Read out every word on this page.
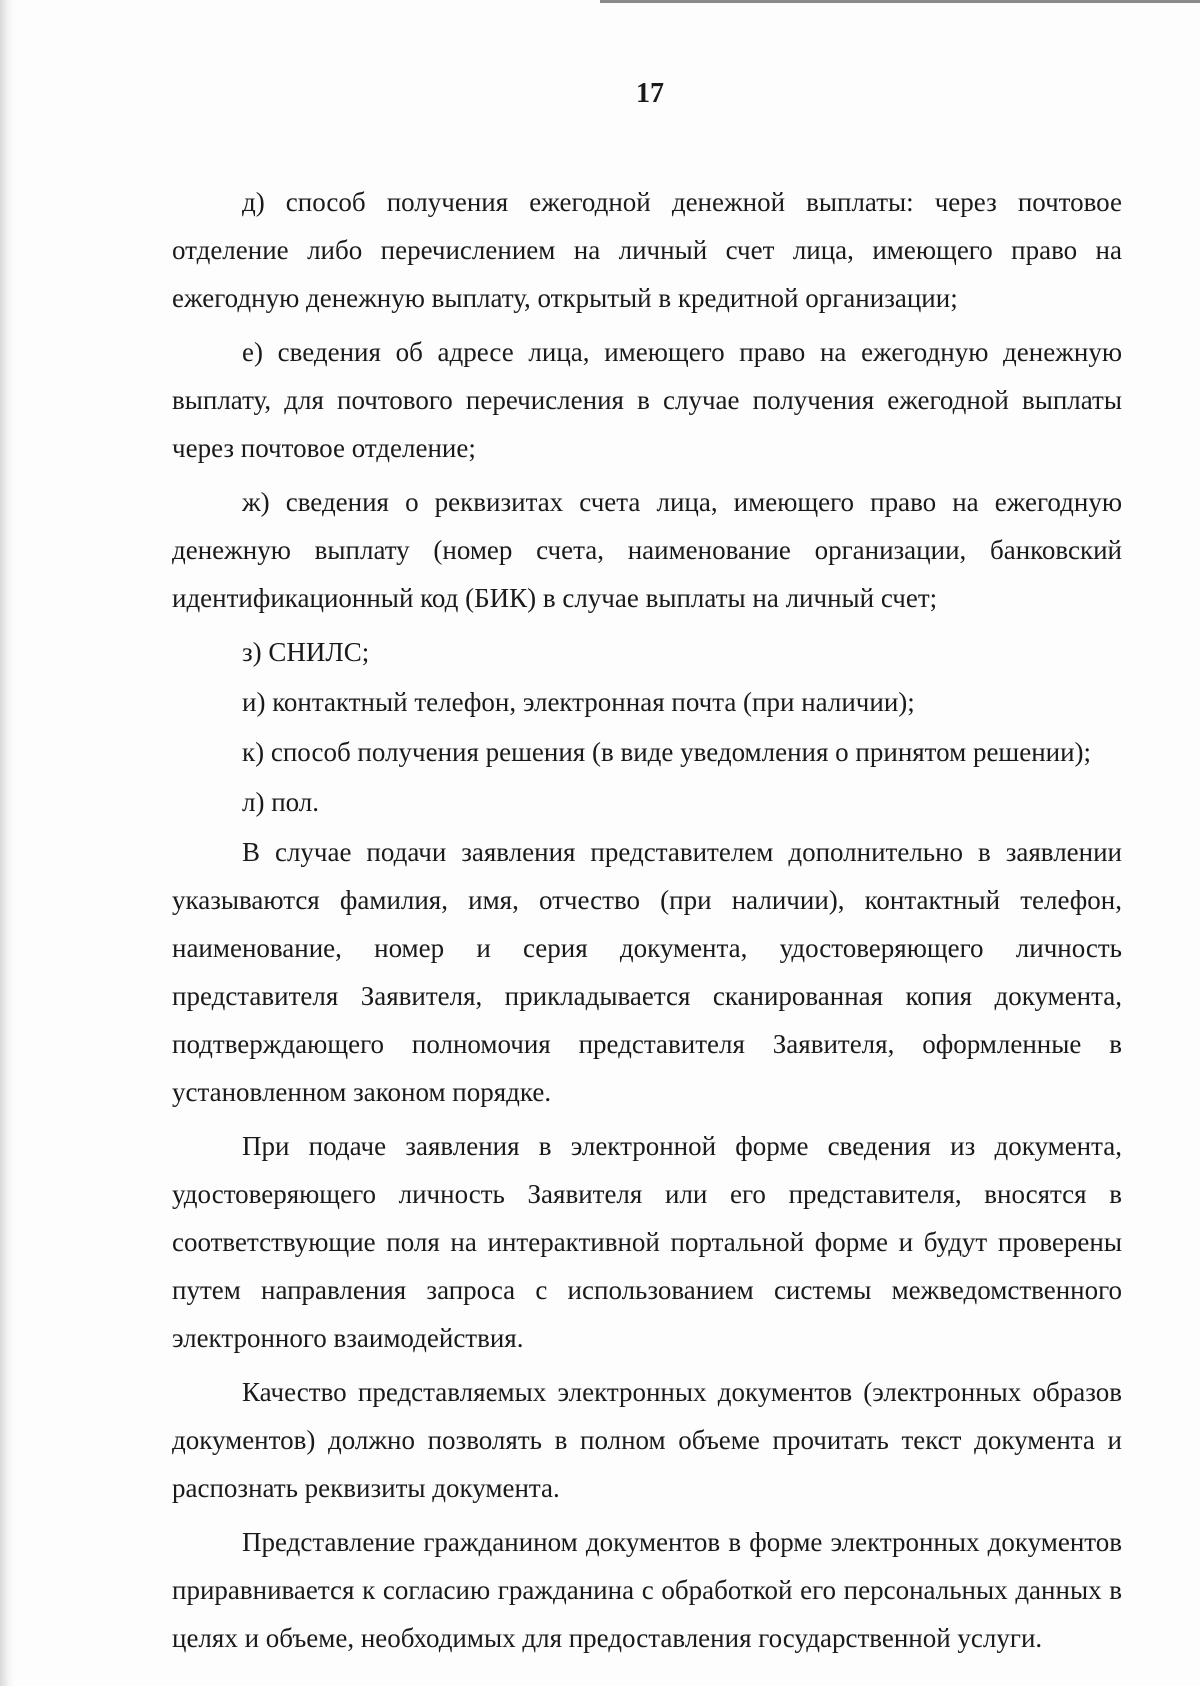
17

д) способ получения ежегодной денежной выплаты: через почтовое отделение либо перечислением на личный счет лица, имеющего право на ежегодную денежную выплату, открытый в кредитной организации;

е) сведения об адресе лица, имеющего право на ежегодную денежную выплату, для почтового перечисления в случае получения ежегодной выплаты через почтовое отделение;

ж) сведения о реквизитах счета лица, имеющего право на ежегодную денежную выплату (номер счета, наименование организации, банковский идентификационный код (БИК) в случае выплаты на личный счет;

з) СНИЛС;

и) контактный телефон, электронная почта (при наличии);

к) способ получения решения (в виде уведомления о принятом решении);

л) пол.

В случае подачи заявления представителем дополнительно в заявлении указываются фамилия, имя, отчество (при наличии), контактный телефон, наименование, номер и серия документа, удостоверяющего личность представителя Заявителя, прикладывается сканированная копия документа, подтверждающего полномочия представителя Заявителя, оформленные в установленном законом порядке.

При подаче заявления в электронной форме сведения из документа, удостоверяющего личность Заявителя или его представителя, вносятся в соответствующие поля на интерактивной портальной форме и будут проверены путем направления запроса с использованием системы межведомственного электронного взаимодействия.

Качество представляемых электронных документов (электронных образов документов) должно позволять в полном объеме прочитать текст документа и распознать реквизиты документа.

Представление гражданином документов в форме электронных документов приравнивается к согласию гражданина с обработкой его персональных данных в целях и объеме, необходимых для предоставления государственной услуги.
